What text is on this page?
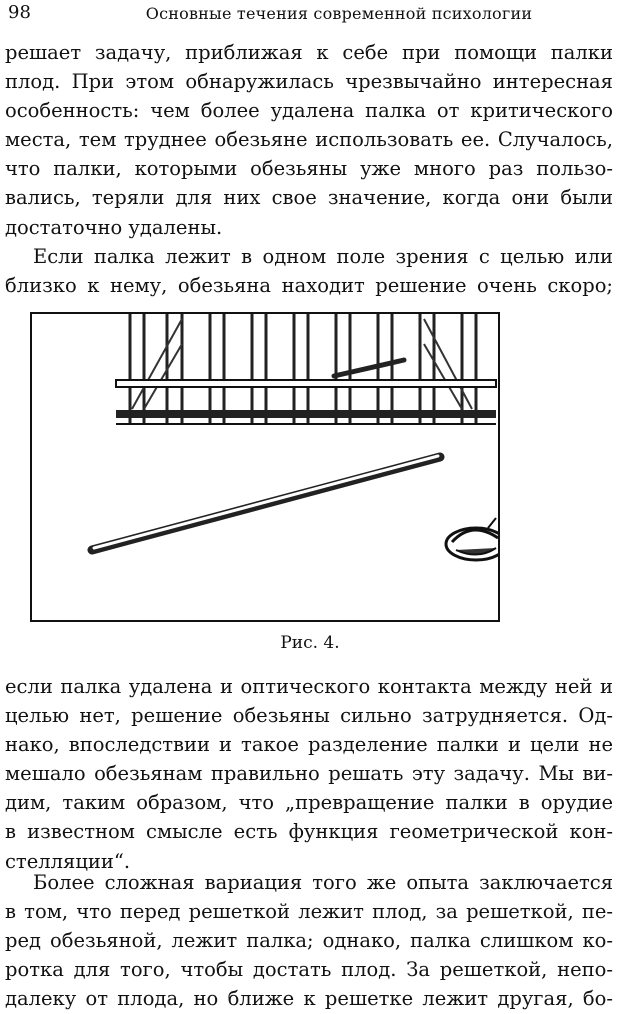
98	Основные течения современной психологии
решает задачу, приближая к себе при помощи палки
плод. При этом обнаружилась чрезвычайно интересная
особенность: чем более удалена палка от критического
места, тем труднее обезьяне использовать ее. Случалось,
что палки, которыми обезьяны уже много раз пользо-
вались, теряли для них свое значение, когда они были
достаточно удалены.
Если палка лежит в одном поле зрения с целью или
близко к нему, обезьяна находит решение очень скоро;
Рис. 4.
если палка удалена и оптического контакта между ней и
целью нет, решение обезьяны сильно затрудняется. Од-
нако, впоследствии и такое разделение палки и цели не
мешало обезьянам правильно решать эту задачу. Мы ви-
дим, таким образом, что „превращение палки в орудие
в известном смысле есть функция геометрической кон-
стелляции“.
Более сложная вариация того же опыта заключается
в том, что перед решеткой лежит плод, за решеткой, пе-
ред обезьяной, лежит палка; однако, палка слишком ко-
ротка для того, чтобы достать плод. За решеткой, непо-
далеку от плода, но ближе к решетке лежит другая, бо-
